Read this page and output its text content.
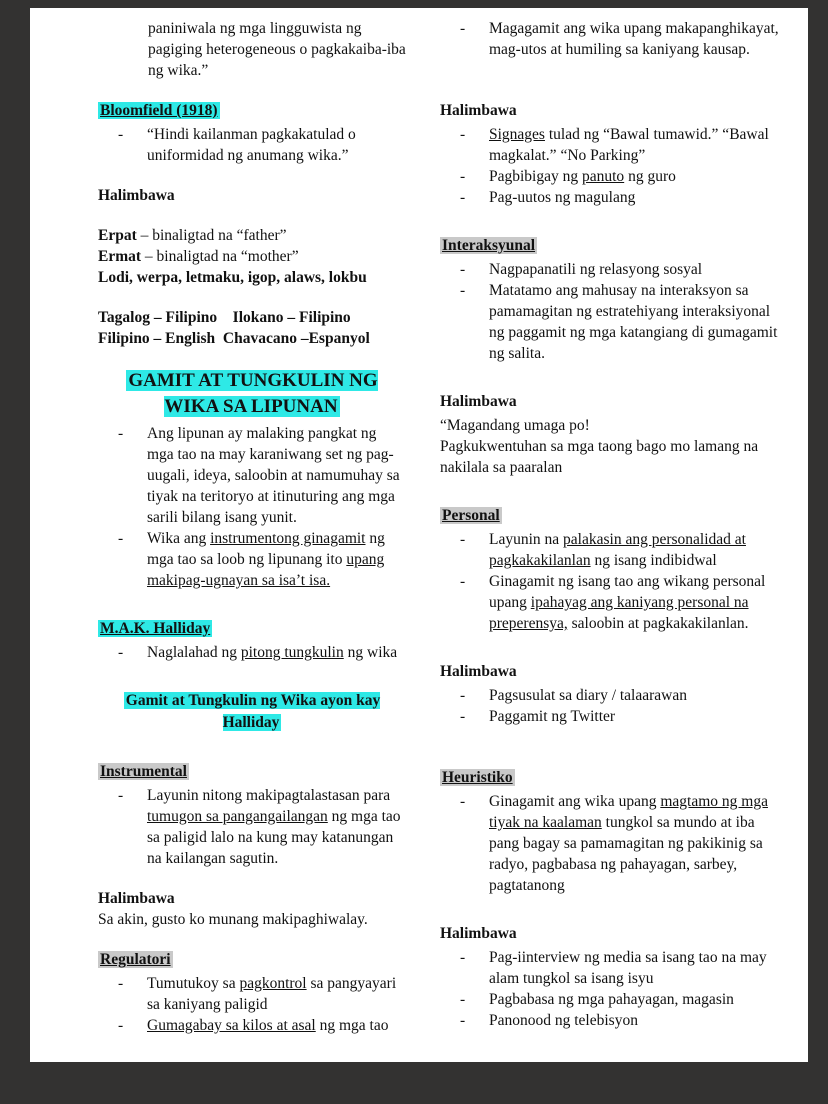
paniniwala ng mga lingguwista ng pagiging heterogeneous o pagkakaiba-iba ng wika.”
Bloomfield (1918)
-	“Hindi kailanman pagkakatulad o uniformidad ng anumang wika.”
Halimbawa
Erpat – binaligtad na “father”
Ermat – binaligtad na “mother”
Lodi, werpa, letmaku, igop, alaws, lokbu
Tagalog – Filipino    Ilokano – Filipino
Filipino – English  Chavacano –Espanyol
GAMIT AT TUNGKULIN NG WIKA SA LIPUNAN
-	Ang lipunan ay malaking pangkat ng mga tao na may karaniwang set ng pag-uugali, ideya, saloobin at namumuhay sa tiyak na teritoryo at itinuturing ang mga sarili bilang isang yunit.
-	Wika ang instrumentong ginagamit ng mga tao sa loob ng lipunang ito upang makipag-ugnayan sa isa’t isa.
M.A.K. Halliday
-	Naglalahad ng pitong tungkulin ng wika
Gamit at Tungkulin ng Wika ayon kay Halliday
Instrumental
-	Layunin nitong makipagtalastasan para tumugon sa pangangailangan ng mga tao sa paligid lalo na kung may katanungan na kailangan sagutin.
Halimbawa
Sa akin, gusto ko munang makipaghiwalay.
Regulatori
-	Tumutukoy sa pagkontrol sa pangyayari sa kaniyang paligid
-	Gumagabay sa kilos at asal ng mga tao
-	Magagamit ang wika upang makapanghikayat, mag-utos at humiling sa kaniyang kausap.
Halimbawa
-	Signages tulad ng “Bawal tumawid.” “Bawal magkalat.” “No Parking”
-	Pagbibigay ng panuto ng guro
-	Pag-uutos ng magulang
Interaksyunal
-	Nagpapanatili ng relasyong sosyal
-	Matatamo ang mahusay na interaksyon sa pamamagitan ng estratehiyang interaksiyonal ng paggamit ng mga katangiang di gumagamit ng salita.
Halimbawa
“Magandang umaga po!
Pagkukwentuhan sa mga taong bago mo lamang na nakilala sa paaralan
Personal
-	Layunin na palakasin ang personalidad at pagkakakilanlan ng isang indibidwal
-	Ginagamit ng isang tao ang wikang personal upang ipahayag ang kaniyang personal na preperensya, saloobin at pagkakakilanlan.
Halimbawa
-	Pagsusulat sa diary / talaarawan
-	Paggamit ng Twitter
Heuristiko
-	Ginagamit ang wika upang magtamo ng mga tiyak na kaalaman tungkol sa mundo at iba pang bagay sa pamamagitan ng pakikinig sa radyo, pagbabasa ng pahayagan, sarbey, pagtatanong
Halimbawa
-	Pag-iinterview ng media sa isang tao na may alam tungkol sa isang isyu
-	Pagbabasa ng mga pahayagan, magasin
-	Panonood ng telebisyon
